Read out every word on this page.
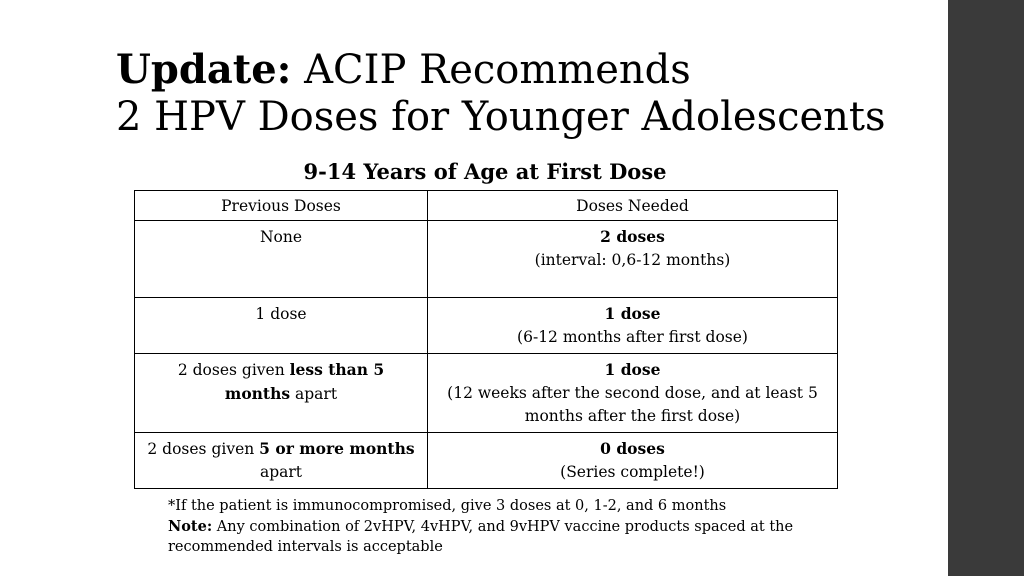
Update: ACIP Recommends
2 HPV Doses for Younger Adolescents
9-14 Years of Age at First Dose
Previous Doses	Doses Needed
None	2 doses
(interval: 0,6-12 months)
1 dose	1 dose
(6-12 months after first dose)
2 doses given less than 5 months apart	1 dose
(12 weeks after the second dose, and at least 5 months after the first dose)
2 doses given 5 or more months apart	0 doses
(Series complete!)
*If the patient is immunocompromised, give 3 doses at 0, 1-2, and 6 months
Note: Any combination of 2vHPV, 4vHPV, and 9vHPV vaccine products spaced at the recommended intervals is acceptable
